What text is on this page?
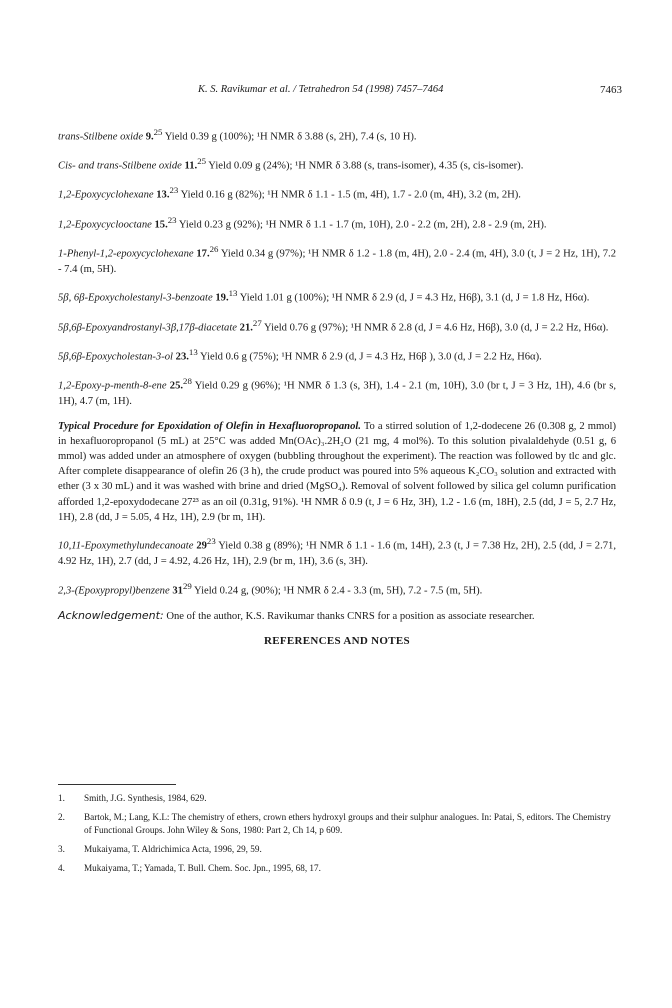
K. S. Ravikumar et al. / Tetrahedron 54 (1998) 7457–7464	7463

trans-Stilbene oxide 9.25 Yield 0.39 g (100%); ¹H NMR δ 3.88 (s, 2H), 7.4 (s, 10 H).

Cis- and trans-Stilbene oxide 11.25 Yield 0.09 g (24%); ¹H NMR δ 3.88 (s, trans-isomer), 4.35 (s, cis-isomer).

1,2-Epoxycyclohexane 13.23 Yield 0.16 g (82%); ¹H NMR δ 1.1 - 1.5 (m, 4H), 1.7 - 2.0 (m, 4H), 3.2 (m, 2H).

1,2-Epoxycyclooctane 15.23 Yield 0.23 g (92%); ¹H NMR δ 1.1 - 1.7 (m, 10H), 2.0 - 2.2 (m, 2H), 2.8 - 2.9 (m, 2H).

1-Phenyl-1,2-epoxycyclohexane 17.26 Yield 0.34 g (97%); ¹H NMR δ 1.2 - 1.8 (m, 4H), 2.0 - 2.4 (m, 4H), 3.0 (t, J = 2 Hz, 1H), 7.2 - 7.4 (m, 5H).

5β, 6β-Epoxycholestanyl-3-benzoate 19.13 Yield 1.01 g (100%); ¹H NMR δ 2.9 (d, J = 4.3 Hz, H6β), 3.1 (d, J = 1.8 Hz, H6α).

5β,6β-Epoxyandrostanyl-3β,17β-diacetate 21.27 Yield 0.76 g (97%); ¹H NMR δ 2.8 (d, J = 4.6 Hz, H6β), 3.0 (d, J = 2.2 Hz, H6α).

5β,6β-Epoxycholestan-3-ol 23.13 Yield 0.6 g (75%); ¹H NMR δ 2.9 (d, J = 4.3 Hz, H6β ), 3.0 (d, J = 2.2 Hz, H6α).

1,2-Epoxy-p-menth-8-ene 25.28 Yield 0.29 g (96%); ¹H NMR δ 1.3 (s, 3H), 1.4 - 2.1 (m, 10H), 3.0 (br t, J = 3 Hz, 1H), 4.6 (br s, 1H), 4.7 (m, 1H).

Typical Procedure for Epoxidation of Olefin in Hexafluoropropanol. To a stirred solution of 1,2-dodecene 26 (0.308 g, 2 mmol) in hexafluoropropanol (5 mL) at 25°C was added Mn(OAc)₃.2H₂O (21 mg, 4 mol%). To this solution pivalaldehyde (0.51 g, 6 mmol) was added under an atmosphere of oxygen (bubbling throughout the experiment). The reaction was followed by tlc and glc. After complete disappearance of olefin 26 (3 h), the crude product was poured into 5% aqueous K₂CO₃ solution and extracted with ether (3 x 30 mL) and it was washed with brine and dried (MgSO₄). Removal of solvent followed by silica gel column purification afforded 1,2-epoxydodecane 27²³ as an oil (0.31g, 91%). ¹H NMR δ 0.9 (t, J = 6 Hz, 3H), 1.2 - 1.6 (m, 18H), 2.5 (dd, J = 5, 2.7 Hz, 1H), 2.8 (dd, J = 5.05, 4 Hz, 1H), 2.9 (br m, 1H).

10,11-Epoxymethylundecanoate $29^{23}$ Yield 0.38 g (89%); ¹H NMR δ 1.1 - 1.6 (m, 14H), 2.3 (t, J = 7.38 Hz, 2H), 2.5 (dd, J = 2.71, 4.92 Hz, 1H), 2.7 (dd, J = 4.92, 4.26 Hz, 1H), 2.9 (br m, 1H), 3.6 (s, 3H).

2,3-(Epoxypropyl)benzene $31^{29}$ Yield 0.24 g, (90%); ¹H NMR δ 2.4 - 3.3 (m, 5H), 7.2 - 7.5 (m, 5H).

Acknowledgement: One of the author, K.S. Ravikumar thanks CNRS for a position as associate researcher.

REFERENCES AND NOTES
1. Smith, J.G. Synthesis, 1984, 629.
2. Bartok, M.; Lang, K.L: The chemistry of ethers, crown ethers hydroxyl groups and their sulphur analogues. In: Patai, S, editors. The Chemistry of Functional Groups. John Wiley & Sons, 1980: Part 2, Ch 14, p 609.
3. Mukaiyama, T. Aldrichimica Acta, 1996, 29, 59.
4. Mukaiyama, T.; Yamada, T. Bull. Chem. Soc. Jpn., 1995, 68, 17.
